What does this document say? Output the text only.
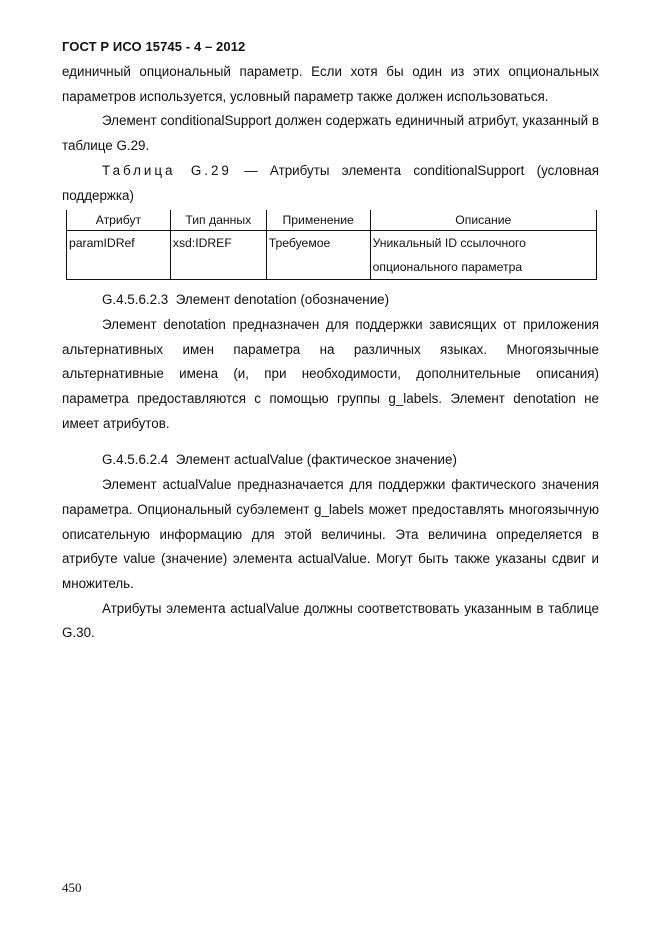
ГОСТ Р ИСО 15745 - 4 – 2012

единичный опциональный параметр. Если хотя бы один из этих опциональных параметров используется, условный параметр также должен использоваться.

Элемент conditionalSupport должен содержать единичный атрибут, указанный в таблице G.29.

Таблица G.29 — Атрибуты элемента conditionalSupport (условная поддержка)

Атрибут	Тип данных	Применение	Описание
paramIDRef	xsd:IDREF	Требуемое	Уникальный ID ссылочного опционального параметра

G.4.5.6.2.3 Элемент denotation (обозначение)

Элемент denotation предназначен для поддержки зависящих от приложения альтернативных имен параметра на различных языках. Многоязычные альтернативные имена (и, при необходимости, дополнительные описания) параметра предоставляются с помощью группы g_labels. Элемент denotation не имеет атрибутов.

G.4.5.6.2.4 Элемент actualValue (фактическое значение)

Элемент actualValue предназначается для поддержки фактического значения параметра. Опциональный субэлемент g_labels может предоставлять многоязычную описательную информацию для этой величины. Эта величина определяется в атрибуте value (значение) элемента actualValue. Могут быть также указаны сдвиг и множитель.

Атрибуты элемента actualValue должны соответствовать указанным в таблице G.30.

450
